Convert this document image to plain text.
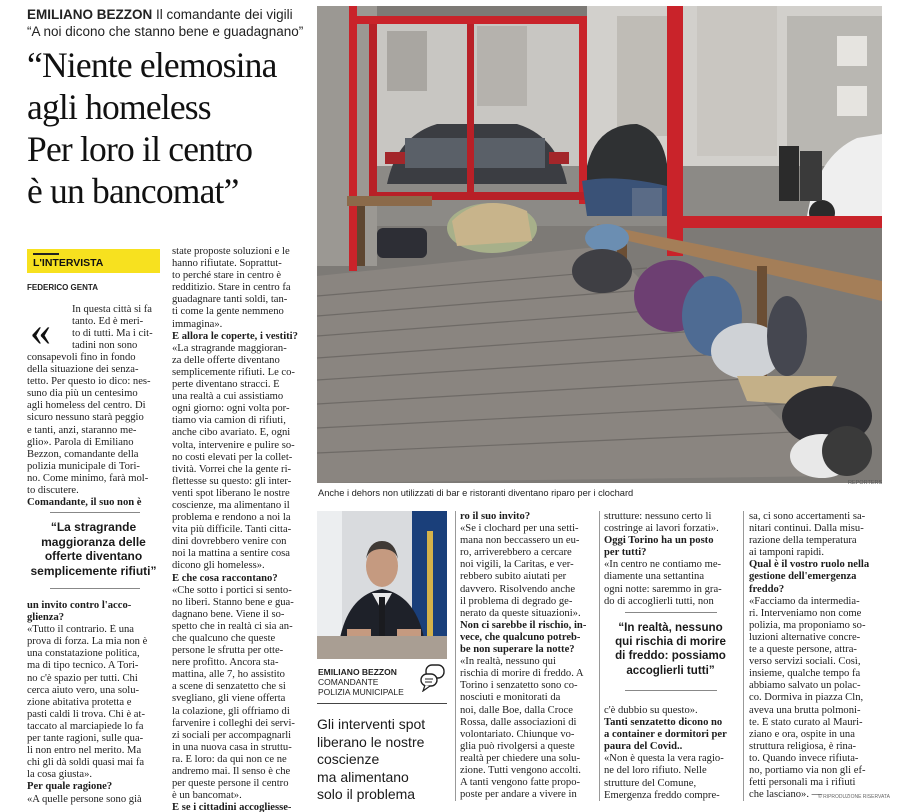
EMILIANO BEZZON Il comandante dei vigili
“A noi dicono che stanno bene e guadagnano”
“Niente elemosina
agli homeless
Per loro il centro
è un bancomat”
L'INTERVISTA
FEDERICO GENTA
Anche i dehors non utilizzati di bar e ristoranti diventano riparo per i clochard
REPORTERS
« In questa città si fa
tanto. Ed è meri-
to di tutti. Ma i cit-
tadini non sono
consapevoli fino in fondo
della situazione dei senza-
tetto. Per questo io dico: nes-
suno dia più un centesimo
agli homeless del centro. Di
sicuro nessuno starà peggio
e tanti, anzi, staranno me-
glio». Parola di Emiliano
Bezzon, comandante della
polizia municipale di Tori-
no. Come minimo, farà mol-
to discutere.
Comandante, il suo non è
“La stragrande
maggioranza delle
offerte diventano
semplicemente rifiuti”
un invito contro l'acco-
glienza?
«Tutto il contrario. È una
prova di forza. La mia non è
una constatazione politica,
ma di tipo tecnico. A Tori-
no c'è spazio per tutti. Chi
cerca aiuto vero, una solu-
zione abitativa protetta e
pasti caldi li trova. Chi è at-
taccato al marciapiede lo fa
per tante ragioni, sulle qua-
li non entro nel merito. Ma
chi gli dà soldi quasi mai fa
la cosa giusta».
Per quale ragione?
«A quelle persone sono già
state proposte soluzioni e le
hanno rifiutate. Soprattut-
to perché stare in centro è
redditizio. Stare in centro fa
guadagnare tanti soldi, tan-
ti come la gente nemmeno
immagina».
E allora le coperte, i vestiti?
«La stragrande maggioran-
za delle offerte diventano
semplicemente rifiuti. Le co-
perte diventano stracci. È
una realtà a cui assistiamo
ogni giorno: ogni volta por-
tiamo via camion di rifiuti,
anche cibo avariato. E, ogni
volta, intervenire e pulire so-
no costi elevati per la collet-
tività. Vorrei che la gente ri-
flettesse su questo: gli inter-
venti spot liberano le nostre
coscienze, ma alimentano il
problema e rendono a noi la
vita più difficile. Tanti citta-
dini dovrebbero venire con
noi la mattina a sentire cosa
dicono gli homeless».
E che cosa raccontano?
«Che sotto i portici si sento-
no liberi. Stanno bene e gua-
dagnano bene. Viene il so-
spetto che in realtà ci sia an-
che qualcuno che queste
persone le sfrutta per otte-
nere profitto. Ancora sta-
mattina, alle 7, ho assistito
a scene di senzatetto che si
svegliano, gli viene offerta
la colazione, gli offriamo di
farvenire i colleghi dei servi-
zi sociali per accompagnarli
in una nuova casa in struttu-
ra. E loro: da qui non ce ne
andremo mai. Il senso è che
per queste persone il centro
è un bancomat».
E se i cittadini accogliesse-
EMILIANO BEZZON
COMANDANTE
POLIZIA MUNICIPALE
Gli interventi spot
liberano le nostre
coscienze
ma alimentano
solo il problema
ro il suo invito?
«Se i clochard per una setti-
mana non beccassero un eu-
ro, arriverebbero a cercare
noi vigili, la Caritas, e ver-
rebbero subito aiutati per
davvero. Risolvendo anche
il problema di degrado ge-
nerato da queste situazioni».
Non ci sarebbe il rischio, in-
vece, che qualcuno potreb-
be non superare la notte?
«In realtà, nessuno qui
rischia di morire di freddo. A
Torino i senzatetto sono co-
nosciuti e monitorati da
noi, dalle Boe, dalla Croce
Rossa, dalle associazioni di
volontariato. Chiunque vo-
glia può rivolgersi a queste
realtà per chiedere una solu-
zione. Tutti vengono accolti.
A tanti vengono fatte propo-
poste per andare a vivere in
strutture: nessuno certo li
costringe ai lavori forzati».
Oggi Torino ha un posto
per tutti?
«In centro ne contiamo me-
diamente una settantina
ogni notte: saremmo in gra-
do di accoglierli tutti, non
“In realtà, nessuno
qui rischia di morire
di freddo: possiamo
accoglierli tutti”
c'è dubbio su questo».
Tanti senzatetto dicono no
a container e dormitori per
paura del Covid..
«Non è questa la vera ragio-
ne del loro rifiuto. Nelle
strutture del Comune,
Emergenza freddo compre-
sa, ci sono accertamenti sa-
nitari continui. Dalla misu-
razione della temperatura
ai tamponi rapidi.
Qual è il vostro ruolo nella
gestione dell'emergenza
freddo?
«Facciamo da intermedia-
ri. Interveniamo non come
polizia, ma proponiamo so-
luzioni alternative concre-
te a queste persone, attra-
verso servizi sociali. Così,
insieme, qualche tempo fa
abbiamo salvato un polac-
co. Dormiva in piazza Cln,
aveva una brutta polmoni-
te. È stato curato al Mauri-
ziano e ora, ospite in una
struttura religiosa, è rina-
to. Quando invece rifiuta-
no, portiamo via non gli ef-
fetti personali ma i rifiuti
che lasciano». —
© RIPRODUZIONE RISERVATA
